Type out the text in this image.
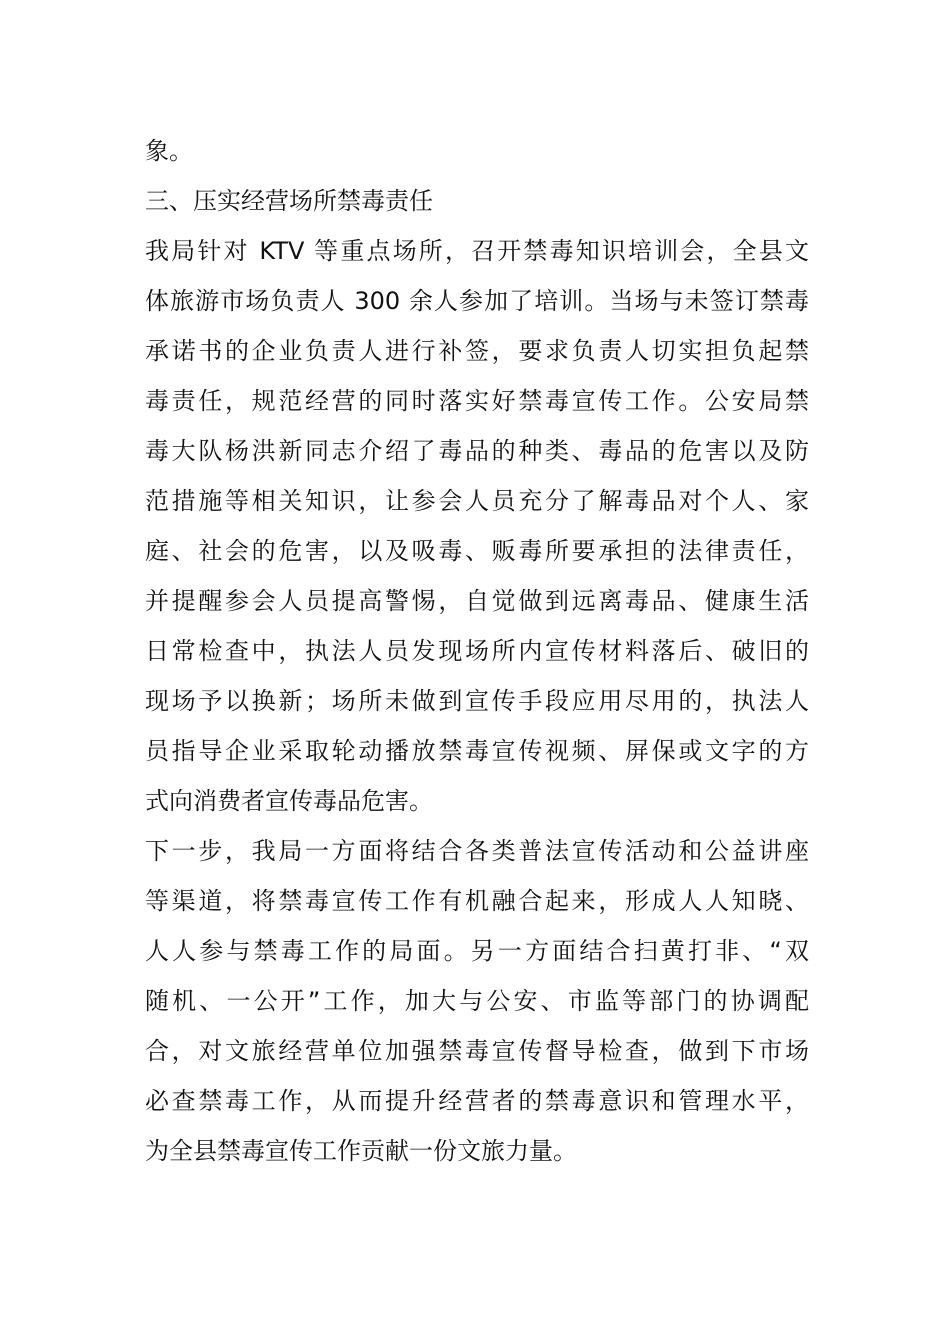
象。
三、压实经营场所禁毒责任
我局针对 KTV 等重点场所，召开禁毒知识培训会，全县文
体旅游市场负责人 300 余人参加了培训。当场与未签订禁毒
承诺书的企业负责人进行补签，要求负责人切实担负起禁
毒责任，规范经营的同时落实好禁毒宣传工作。公安局禁
毒大队杨洪新同志介绍了毒品的种类、毒品的危害以及防
范措施等相关知识，让参会人员充分了解毒品对个人、家
庭、社会的危害，以及吸毒、贩毒所要承担的法律责任，
并提醒参会人员提高警惕，自觉做到远离毒品、健康生活
日常检查中，执法人员发现场所内宣传材料落后、破旧的
现场予以换新；场所未做到宣传手段应用尽用的，执法人
员指导企业采取轮动播放禁毒宣传视频、屏保或文字的方
式向消费者宣传毒品危害。
下一步，我局一方面将结合各类普法宣传活动和公益讲座
等渠道，将禁毒宣传工作有机融合起来，形成人人知晓、
人人参与禁毒工作的局面。另一方面结合扫黄打非、“双
随机、一公开”工作，加大与公安、市监等部门的协调配
合，对文旅经营单位加强禁毒宣传督导检查，做到下市场
必查禁毒工作，从而提升经营者的禁毒意识和管理水平，
为全县禁毒宣传工作贡献一份文旅力量。
